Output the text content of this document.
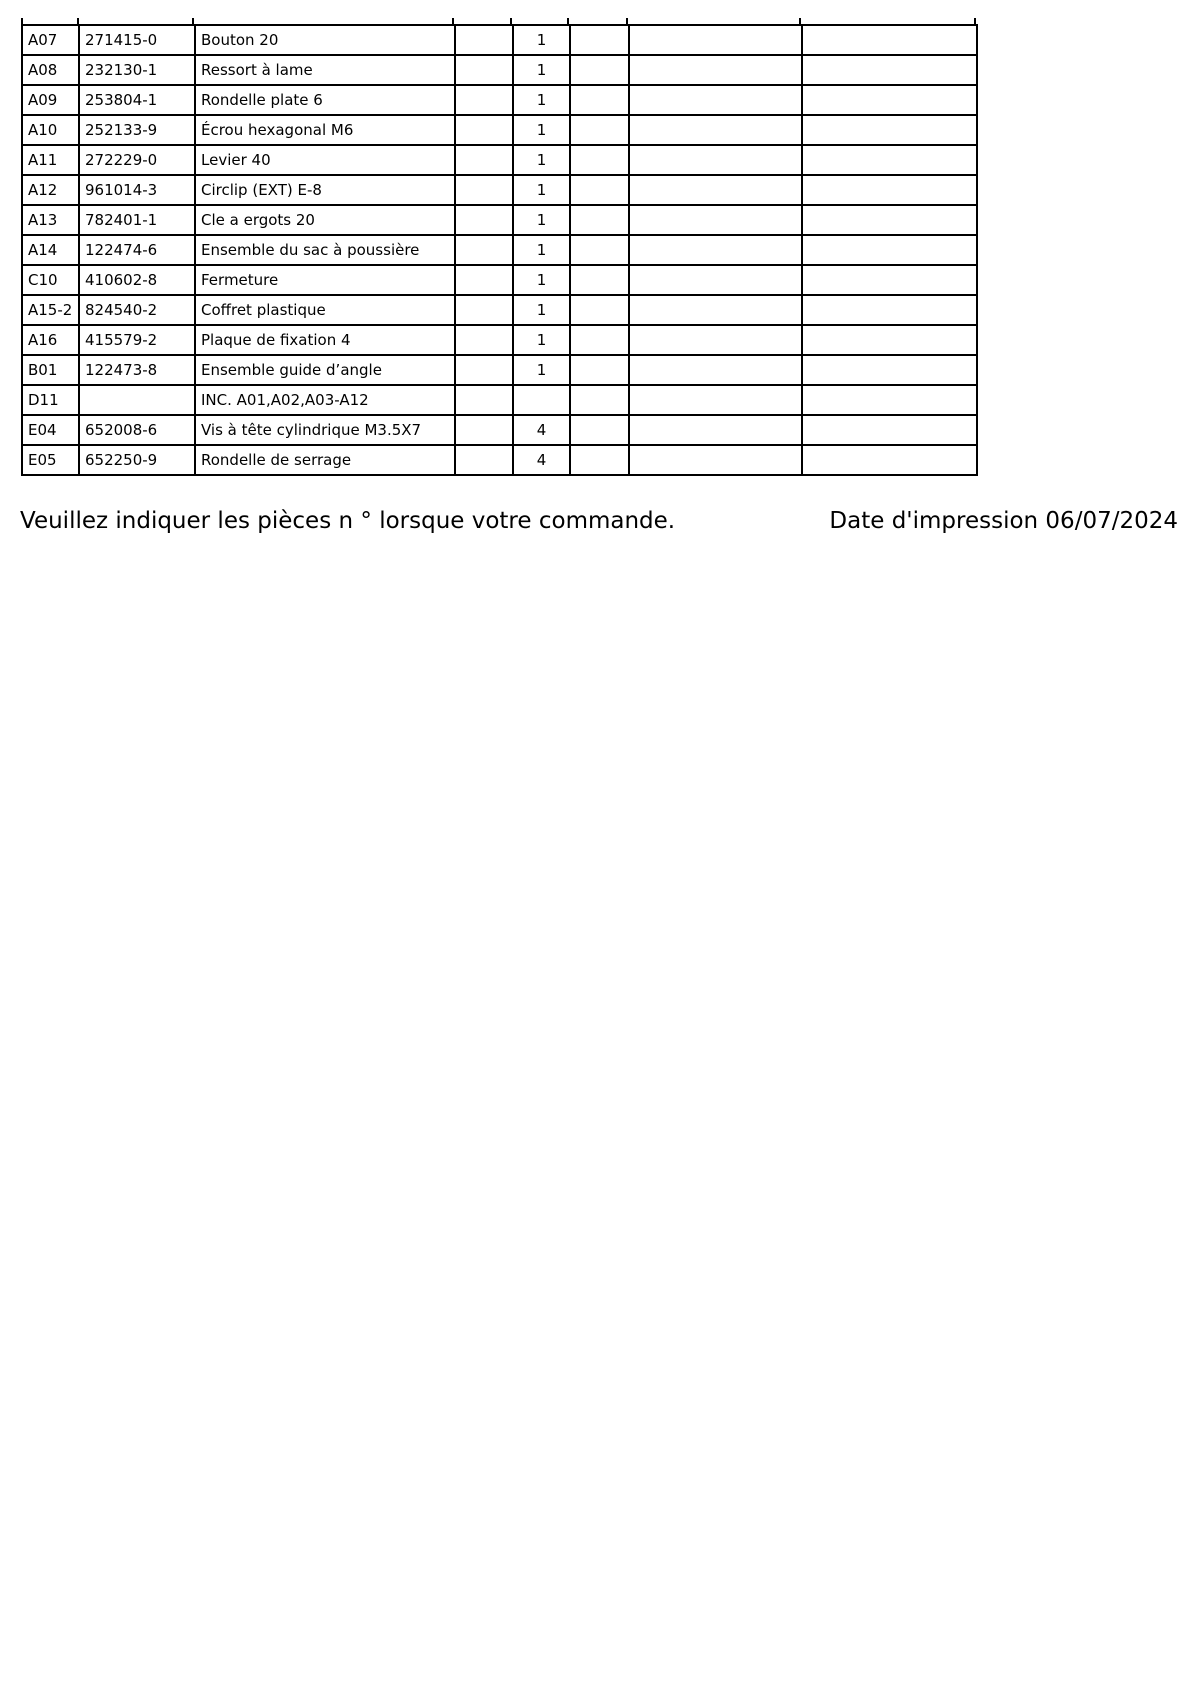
A07	271415-0	Bouton 20		1			
A08	232130-1	Ressort à lame		1			
A09	253804-1	Rondelle plate 6		1			
A10	252133-9	Écrou hexagonal M6		1			
A11	272229-0	Levier 40		1			
A12	961014-3	Circlip (EXT) E-8		1			
A13	782401-1	Cle a ergots 20		1			
A14	122474-6	Ensemble du sac à poussière		1			
C10	410602-8	Fermeture		1			
A15-2	824540-2	Coffret plastique		1			
A16	415579-2	Plaque de fixation 4		1			
B01	122473-8	Ensemble guide d’angle		1			
D11		INC. A01,A02,A03-A12					
E04	652008-6	Vis à tête cylindrique M3.5X7		4			
E05	652250-9	Rondelle de serrage		4			
Veuillez indiquer les pièces n ° lorsque votre commande.	Date d'impression 06/07/2024
